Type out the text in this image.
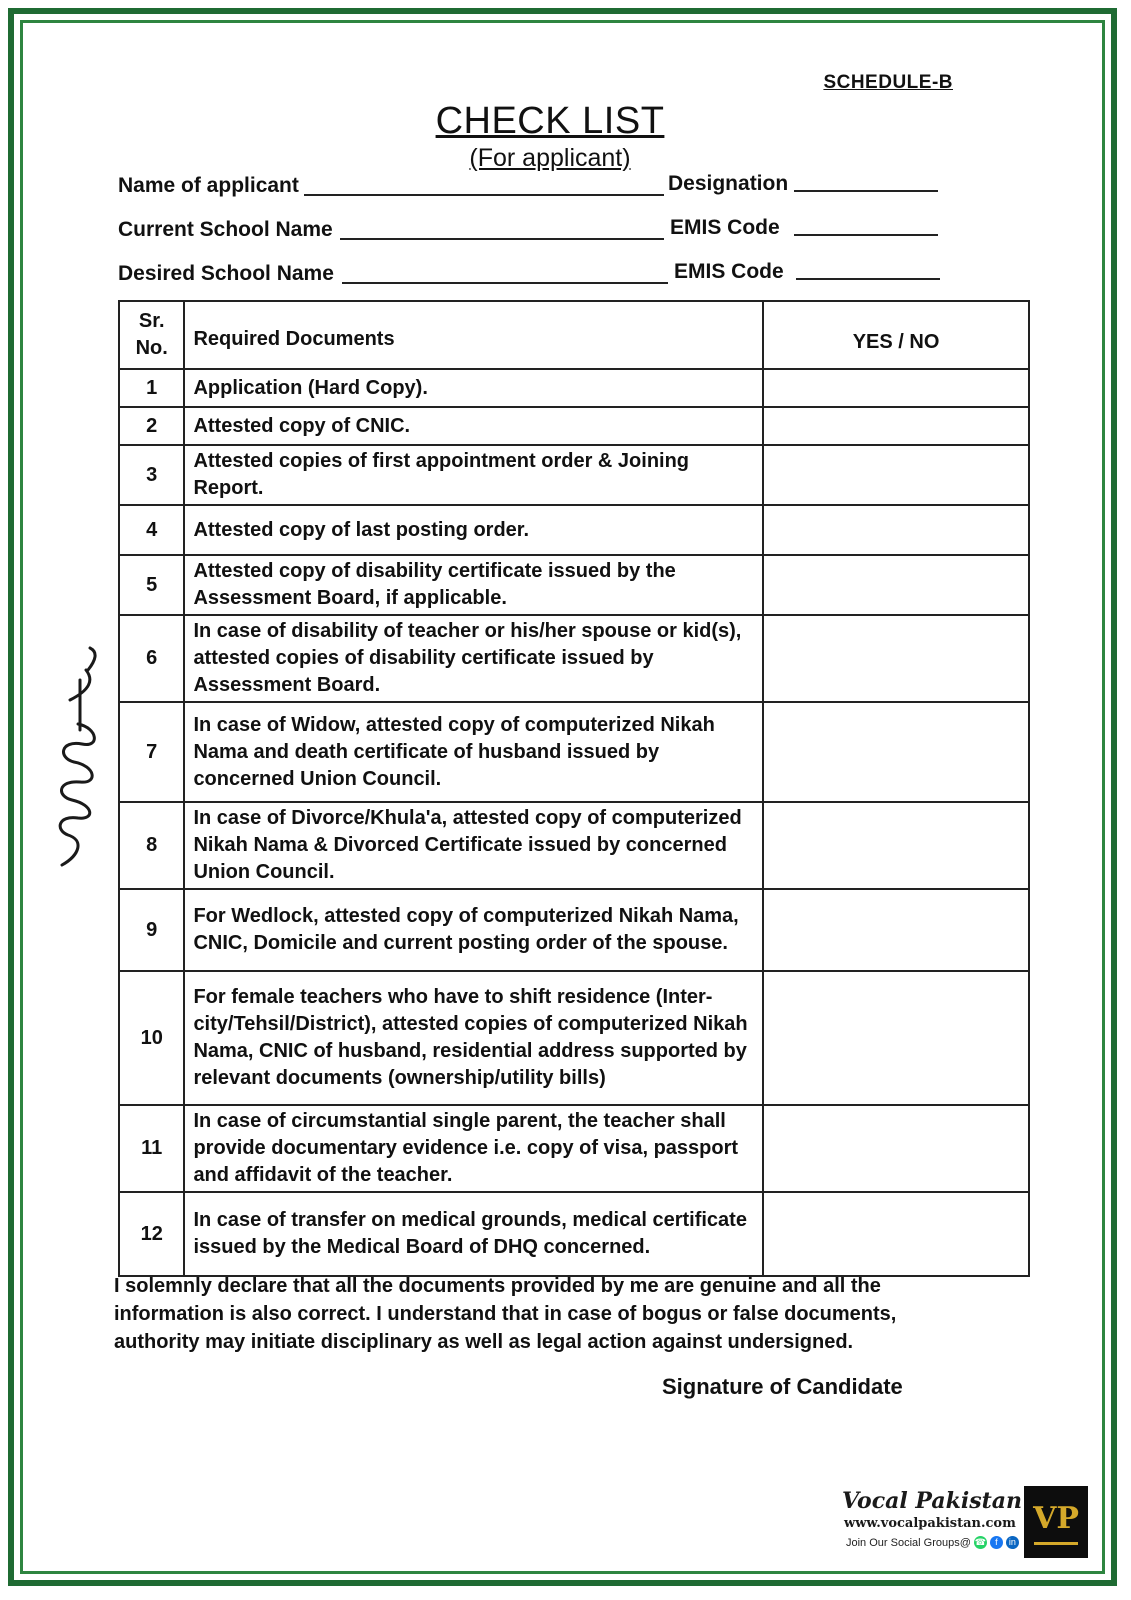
SCHEDULE-B
CHECK LIST
(For applicant)
Name of applicant	Designation
Current School Name	EMIS Code
Desired School Name	EMIS Code
Sr. No.	Required Documents	YES / NO
1	Application (Hard Copy).	
2	Attested copy of CNIC.	
3	Attested copies of first appointment order & Joining Report.	
4	Attested copy of last posting order.	
5	Attested copy of disability certificate issued by the Assessment Board, if applicable.	
6	In case of disability of teacher or his/her spouse or kid(s), attested copies of disability certificate issued by Assessment Board.	
7	In case of Widow, attested copy of computerized Nikah Nama and death certificate of husband issued by concerned Union Council.	
8	In case of Divorce/Khula'a, attested copy of computerized Nikah Nama & Divorced Certificate issued by concerned Union Council.	
9	For Wedlock, attested copy of computerized Nikah Nama, CNIC, Domicile and current posting order of the spouse.	
10	For female teachers who have to shift residence (Inter-city/Tehsil/District), attested copies of computerized Nikah Nama, CNIC of husband, residential address supported by relevant documents (ownership/utility bills)	
11	In case of circumstantial single parent, the teacher shall provide documentary evidence i.e. copy of visa, passport and affidavit of the teacher.	
12	In case of transfer on medical grounds, medical certificate issued by the Medical Board of DHQ concerned.	
I solemnly declare that all the documents provided by me are genuine and all the information is also correct. I understand that in case of bogus or false documents, authority may initiate disciplinary as well as legal action against undersigned.
Signature of Candidate
Vocal Pakistan
www.vocalpakistan.com
Join Our Social Groups@ ☎	f	in
VP
